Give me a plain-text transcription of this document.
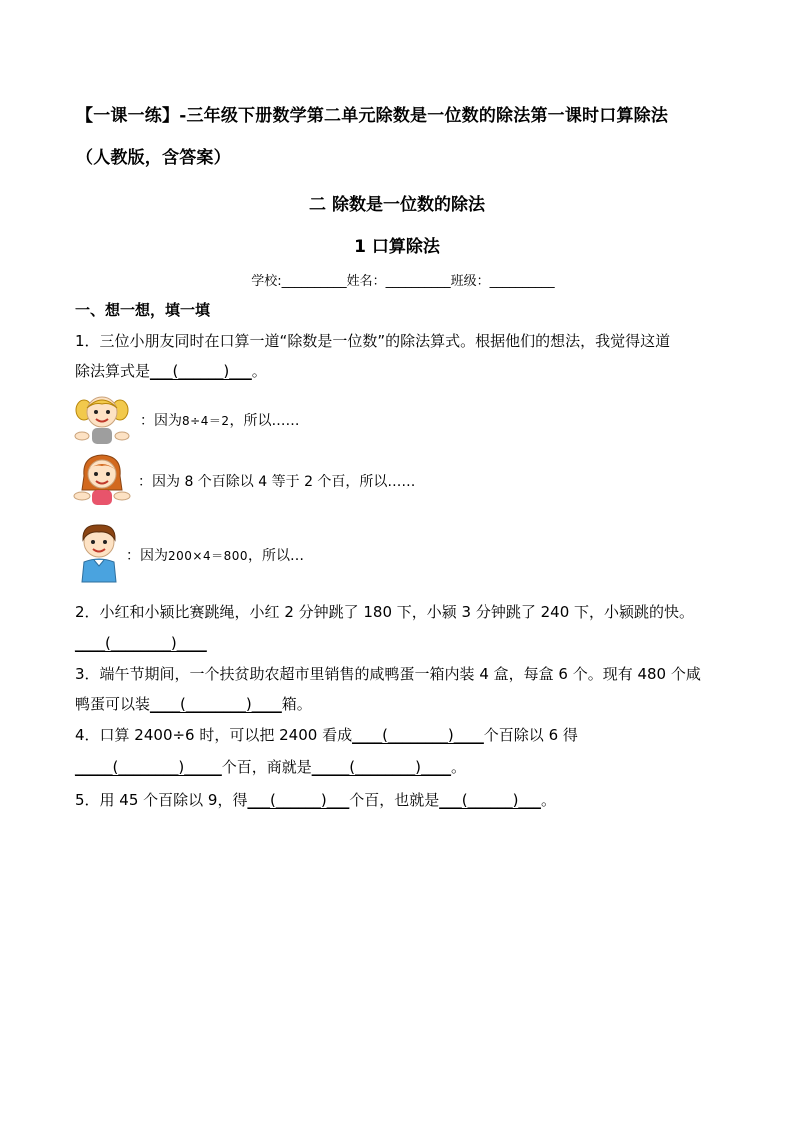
【一课一练】-三年级下册数学第二单元除数是一位数的除法第一课时口算除法
（人教版，含答案）
二 除数是一位数的除法
1 口算除法
学校:__________姓名：__________班级：__________
一、想一想，填一填
1．三位小朋友同时在口算一道“除数是一位数”的除法算式。根据他们的想法，我觉得这道
除法算式是___(______)___。
：因为8÷4＝2，所以……
：因为 8 个百除以 4 等于 2 个百，所以……
：因为200×4＝800，所以…
2．小红和小颍比赛跳绳，小红 2 分钟跳了 180 下，小颍 3 分钟跳了 240 下，小颍跳的快。
____(________)____
3．端午节期间，一个扶贫助农超市里销售的咸鸭蛋一箱内装 4 盒，每盒 6 个。现有 480 个咸
鸭蛋可以装____(________)____箱。
4．口算 2400÷6 时，可以把 2400 看成____(________)____个百除以 6 得
_____(________)_____个百，商就是_____(________)____。
5．用 45 个百除以 9，得___(______)___个百，也就是___(______)___。
